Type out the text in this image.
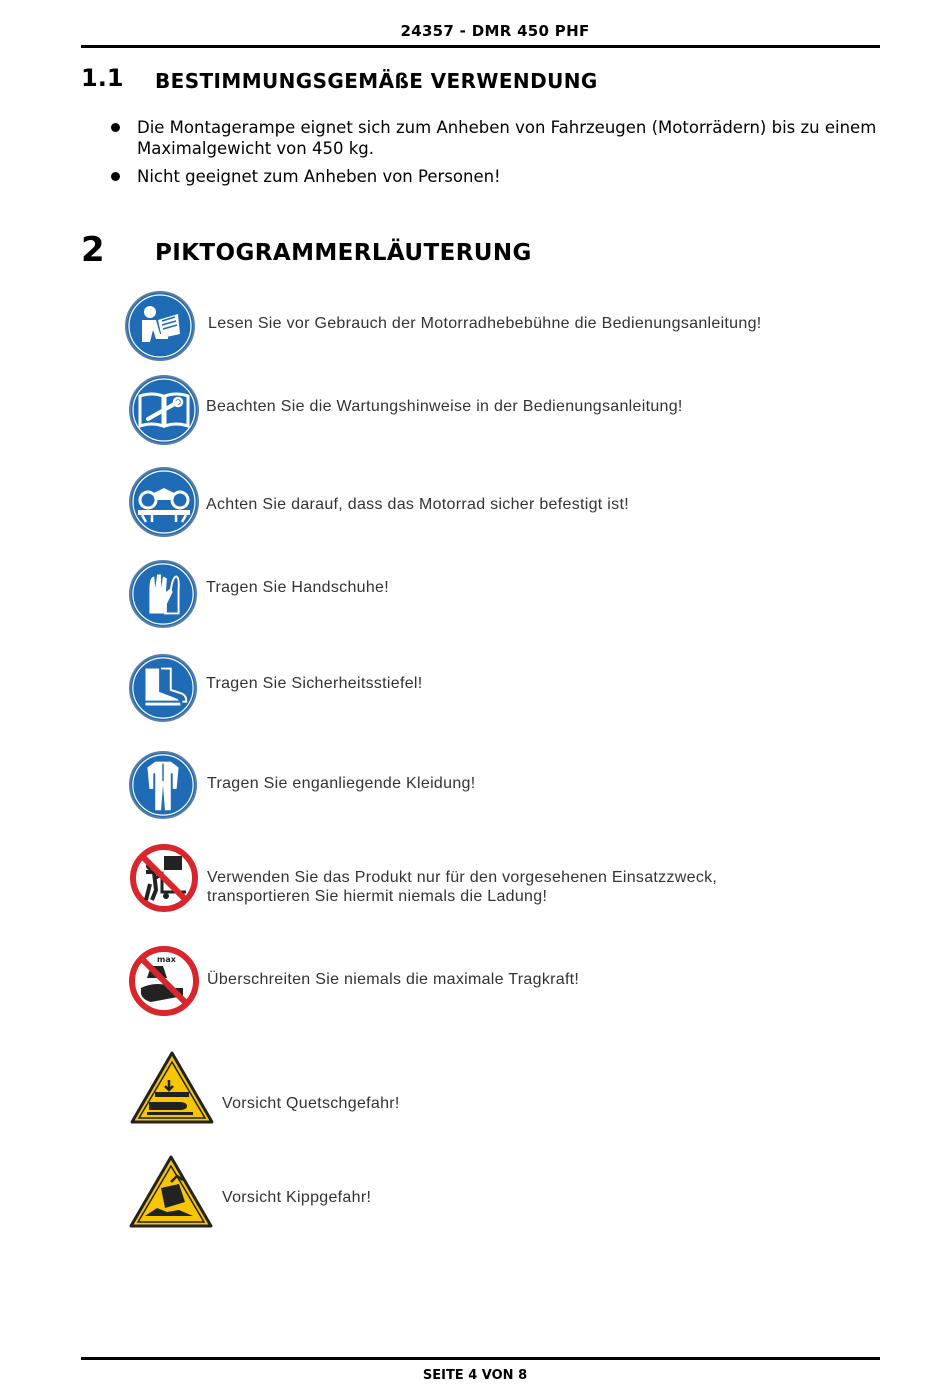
24357 - DMR 450 PHF
1.1 BESTIMMUNGSGEMÄßE VERWENDUNG
Die Montagerampe eignet sich zum Anheben von Fahrzeugen (Motorrädern) bis zu einem Maximalgewicht von 450 kg.
Nicht geeignet zum Anheben von Personen!
2 PIKTOGRAMMERLÄUTERUNG
Lesen Sie vor Gebrauch der Motorradhebebühne die Bedienungsanleitung!
Beachten Sie die Wartungshinweise in der Bedienungsanleitung!
Achten Sie darauf, dass das Motorrad sicher befestigt ist!
Tragen Sie Handschuhe!
Tragen Sie Sicherheitsstiefel!
Tragen Sie enganliegende Kleidung!
Verwenden Sie das Produkt nur für den vorgesehenen Einsatzzweck,
transportieren Sie hiermit niemals die Ladung!
max
Überschreiten Sie niemals die maximale Tragkraft!
Vorsicht Quetschgefahr!
Vorsicht Kippgefahr!
SEITE 4 VON 8
